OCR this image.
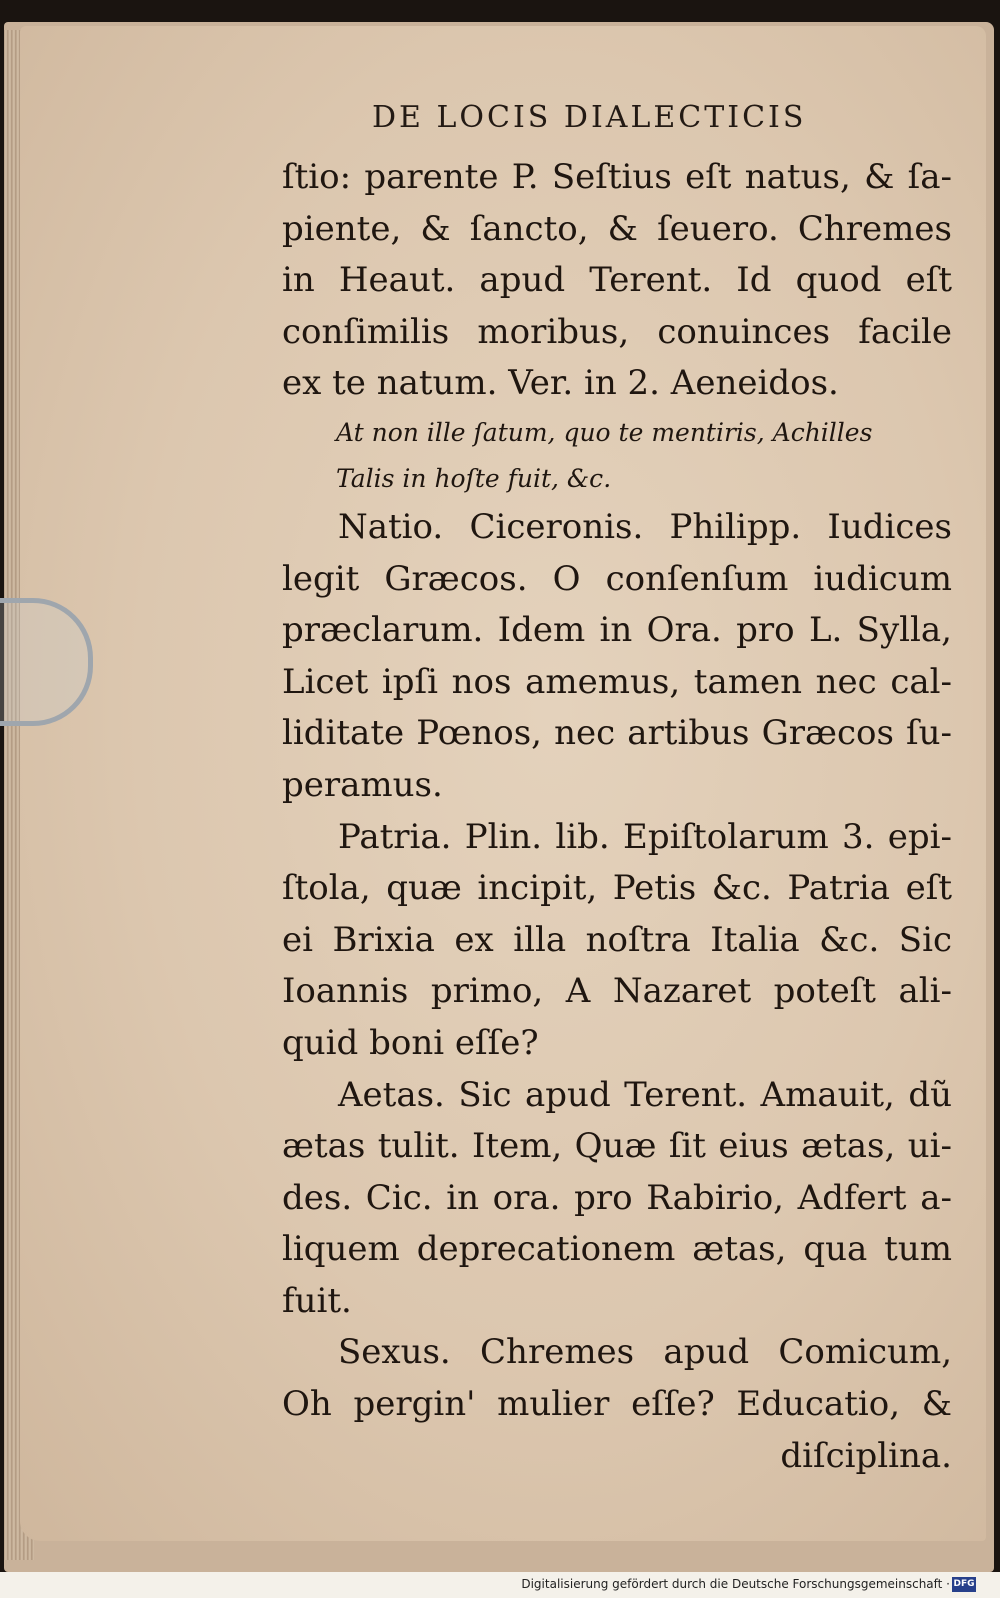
DE LOCIS DIALECTICIS
ſtio: parente P. Seſtius eſt natus, & ſa-
piente, & ſancto, & ſeuero. Chremes
in Heaut. apud Terent. Id quod eſt
conſimilis moribus, conuinces facile
ex te natum. Ver. in 2. Aeneidos.
At non ille ſatum, quo te mentiris, Achilles
Talis in hoſte fuit, &c.
Natio. Ciceronis. Philipp. Iudices
legit Græcos. O conſenſum iudicum
præclarum. Idem in Ora. pro L. Sylla,
Licet ipſi nos amemus, tamen nec cal-
liditate Pœnos, nec artibus Græcos ſu-
peramus.
Patria. Plin. lib. Epiſtolarum 3. epi-
ſtola, quæ incipit, Petis &c. Patria eſt
ei Brixia ex illa noſtra Italia &c. Sic
Ioannis primo, A Nazaret poteſt ali-
quid boni eſſe?
Aetas. Sic apud Terent. Amauit, dũ
ætas tulit. Item, Quæ ſit eius ætas, ui-
des. Cic. in ora. pro Rabirio, Adfert a-
liquem deprecationem ætas, qua tum
fuit.
Sexus. Chremes apud Comicum,
Oh pergin' mulier eſſe? Educatio, &
diſciplina.
Digitalisierung gefördert durch die Deutsche Forschungsgemeinschaft · DFG
